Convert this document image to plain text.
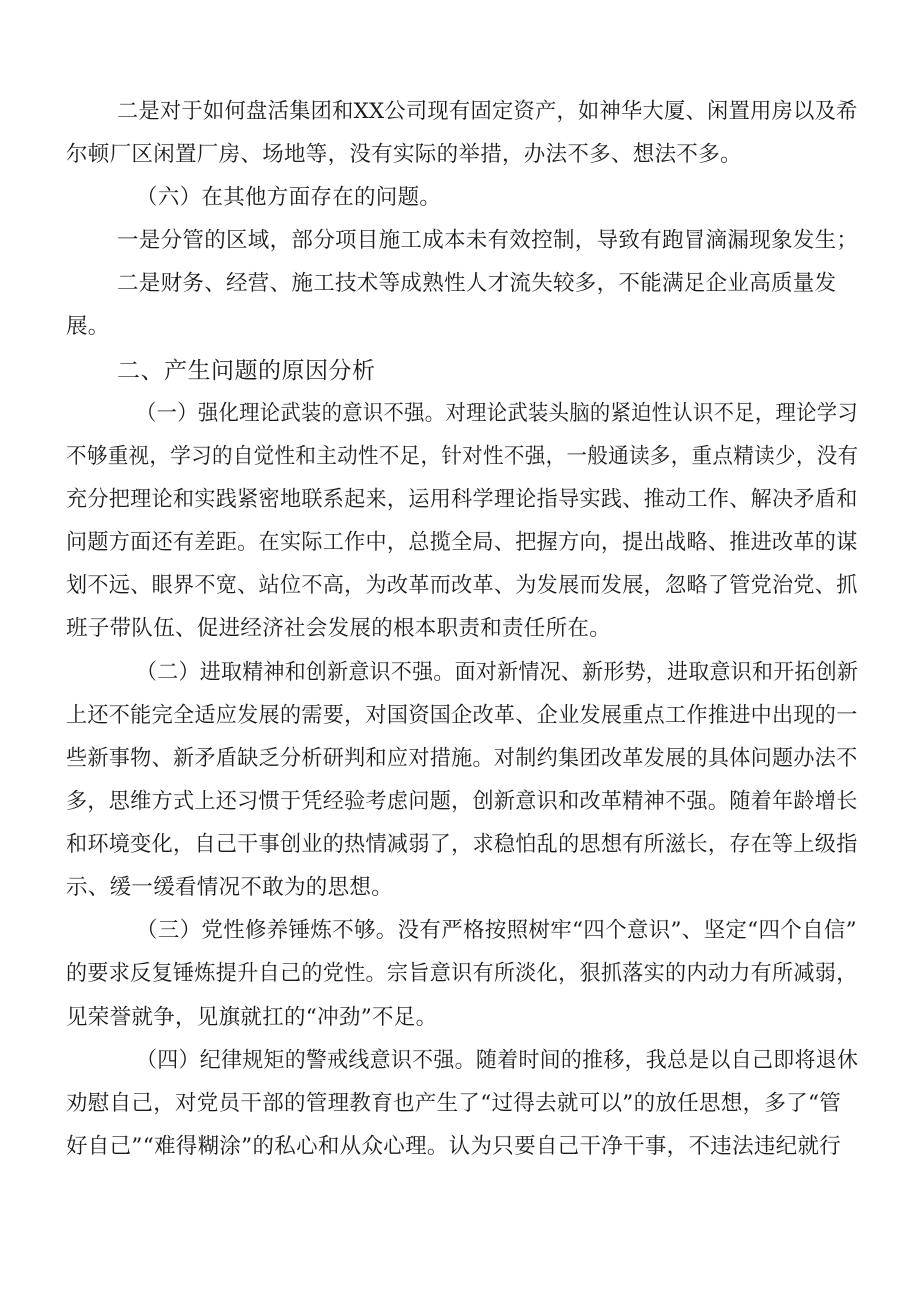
二是对于如何盘活集团和XX公司现有固定资产，如神华大厦、闲置用房以及希
尔顿厂区闲置厂房、场地等，没有实际的举措，办法不多、想法不多。
（六）在其他方面存在的问题。
一是分管的区域，部分项目施工成本未有效控制，导致有跑冒滴漏现象发生；
二是财务、经营、施工技术等成熟性人才流失较多，不能满足企业高质量发
展。
二、产生问题的原因分析
（一）强化理论武装的意识不强。对理论武装头脑的紧迫性认识不足，理论学习
不够重视，学习的自觉性和主动性不足，针对性不强，一般通读多，重点精读少，没有
充分把理论和实践紧密地联系起来，运用科学理论指导实践、推动工作、解决矛盾和
问题方面还有差距。在实际工作中，总揽全局、把握方向，提出战略、推进改革的谋
划不远、眼界不宽、站位不高，为改革而改革、为发展而发展，忽略了管党治党、抓
班子带队伍、促进经济社会发展的根本职责和责任所在。
（二）进取精神和创新意识不强。面对新情况、新形势，进取意识和开拓创新
上还不能完全适应发展的需要，对国资国企改革、企业发展重点工作推进中出现的一
些新事物、新矛盾缺乏分析研判和应对措施。对制约集团改革发展的具体问题办法不
多，思维方式上还习惯于凭经验考虑问题，创新意识和改革精神不强。随着年龄增长
和环境变化，自己干事创业的热情减弱了，求稳怕乱的思想有所滋长，存在等上级指
示、缓一缓看情况不敢为的思想。
（三）党性修养锤炼不够。没有严格按照树牢“四个意识”、坚定“四个自信”
的要求反复锤炼提升自己的党性。宗旨意识有所淡化，狠抓落实的内动力有所减弱，
见荣誉就争，见旗就扛的“冲劲”不足。
（四）纪律规矩的警戒线意识不强。随着时间的推移，我总是以自己即将退休
劝慰自己，对党员干部的管理教育也产生了“过得去就可以”的放任思想，多了“管
好自己”“难得糊涂”的私心和从众心理。认为只要自己干净干事，不违法违纪就行
